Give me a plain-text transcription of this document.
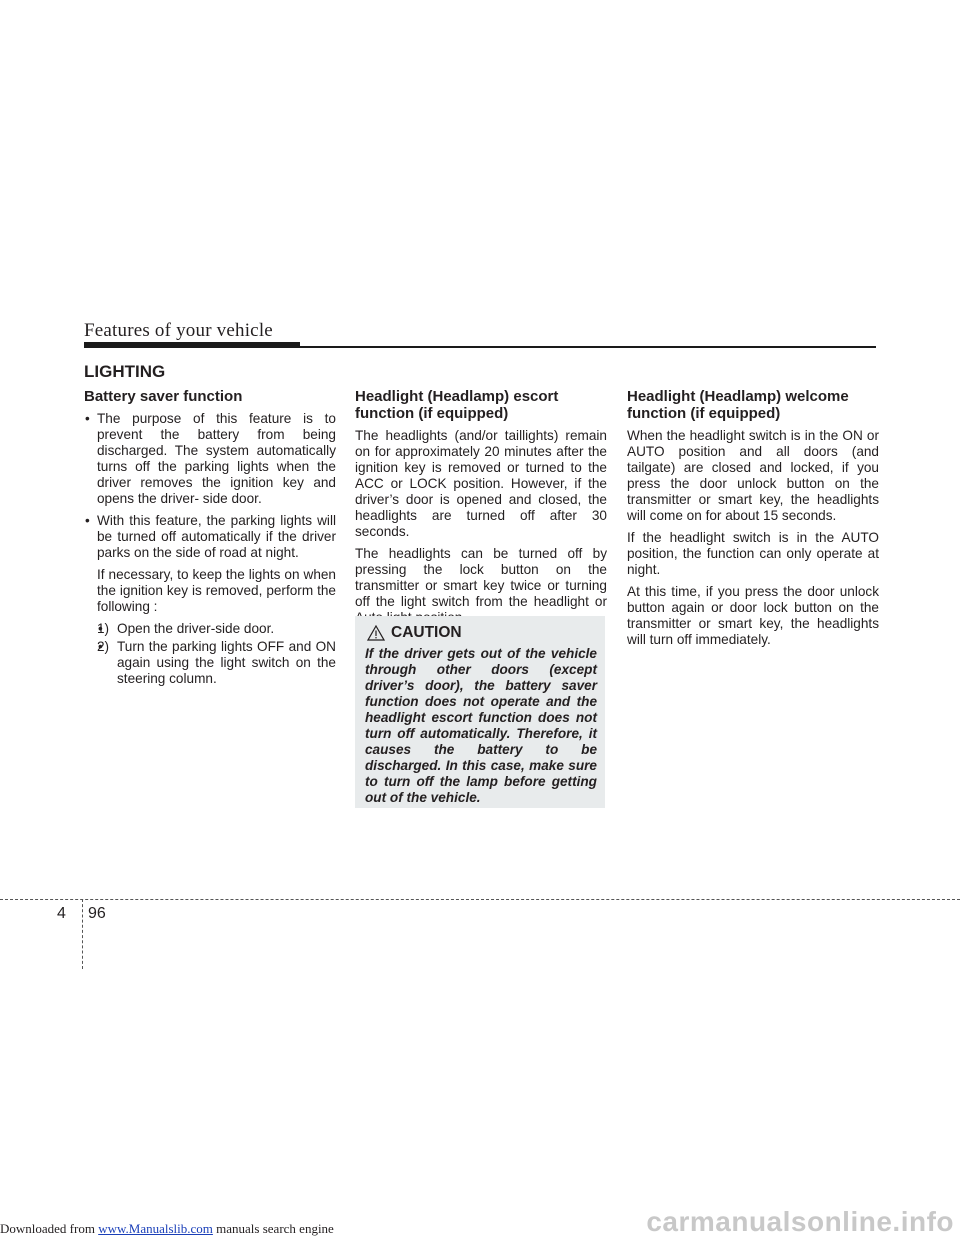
Features of your vehicle
LIGHTING
Battery saver function
• The purpose of this feature is to prevent the battery from being discharged. The system automatically turns off the parking lights when the driver removes the ignition key and opens the driver- side door.

• With this feature, the parking lights will be turned off automatically if the driver parks on the side of road at night.

If necessary, to keep the lights on when the ignition key is removed, perform the following :

• 1) Open the driver-side door.
• 2) Turn the parking lights OFF and ON again using the light switch on the steering column.
Headlight (Headlamp) escort function (if equipped)

The headlights (and/or taillights) remain on for approximately 20 minutes after the ignition key is removed or turned to the ACC or LOCK position. However, if the driver’s door is opened and closed, the headlights are turned off after 30 seconds.

The headlights can be turned off by pressing the lock button on the transmitter or smart key twice or turning off the light switch from the headlight or

CAUTION

If the driver gets out of the vehicle through other doors (except driver’s door), the battery saver function does not operate and the headlight escort function does not turn off automatically. Therefore, it causes the battery to be discharged. In this case, make sure to turn off the lamp before getting out of the vehicle.

Headlight (Headlamp) welcome function (if equipped)

When the headlight switch is in the ON or AUTO position and all doors (and tailgate) are closed and locked, if you press the door unlock button on the transmitter or smart key, the headlights will come on for about 15 seconds.

If the headlight switch is in the AUTO position, the function can only operate at night.

At this time, if you press the door unlock button again or door lock button on the transmitter or smart key, the headlights will turn off immediately.

4 96
Downloaded from www.Manualslib.com manuals search engine	carmanualsonline.info
